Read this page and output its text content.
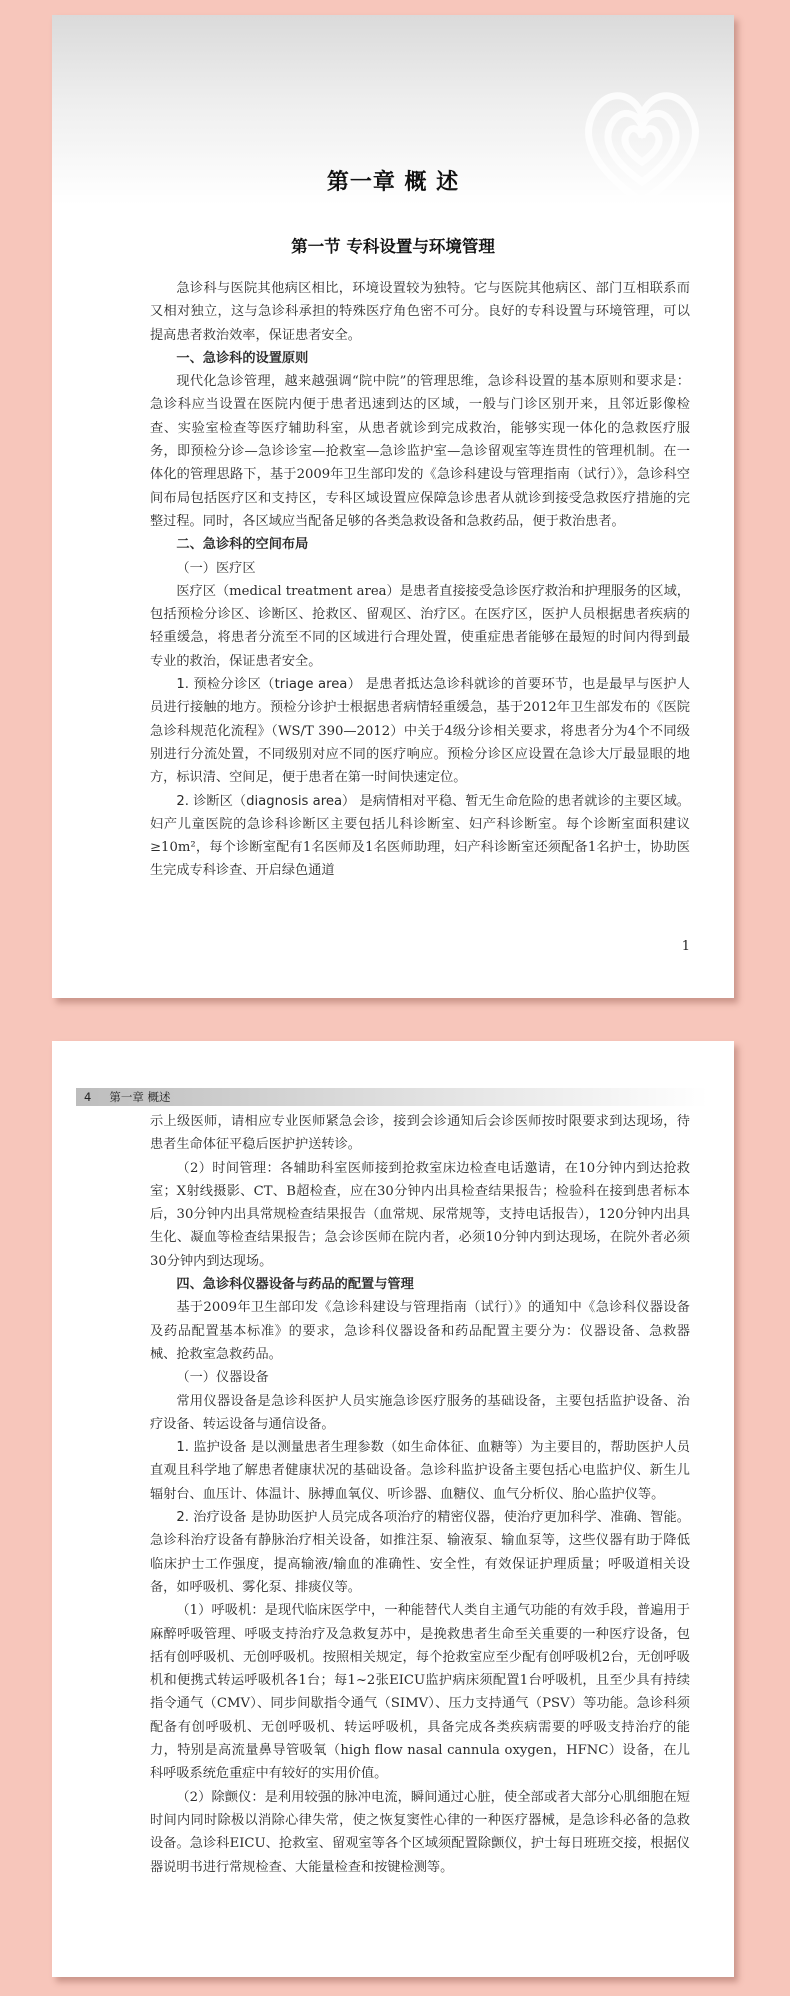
第一章 概 述
第一节 专科设置与环境管理

急诊科与医院其他病区相比，环境设置较为独特。它与医院其他病区、部门互相联系而又相对独立，这与急诊科承担的特殊医疗角色密不可分。良好的专科设置与环境管理，可以提高患者救治效率，保证患者安全。

一、急诊科的设置原则

现代化急诊管理，越来越强调“院中院”的管理思维，急诊科设置的基本原则和要求是：急诊科应当设置在医院内便于患者迅速到达的区域，一般与门诊区别开来，且邻近影像检查、实验室检查等医疗辅助科室，从患者就诊到完成救治，能够实现一体化的急救医疗服务，即预检分诊—急诊诊室—抢救室—急诊监护室—急诊留观室等连贯性的管理机制。在一体化的管理思路下，基于2009年卫生部印发的《急诊科建设与管理指南（试行）》，急诊科空间布局包括医疗区和支持区，专科区域设置应保障急诊患者从就诊到接受急救医疗措施的完整过程。同时，各区域应当配备足够的各类急救设备和急救药品，便于救治患者。

二、急诊科的空间布局

（一）医疗区

医疗区（medical treatment area）是患者直接接受急诊医疗救治和护理服务的区域，包括预检分诊区、诊断区、抢救区、留观区、治疗区。在医疗区，医护人员根据患者疾病的轻重缓急，将患者分流至不同的区域进行合理处置，使重症患者能够在最短的时间内得到最专业的救治，保证患者安全。

1. 预检分诊区（triage area） 是患者抵达急诊科就诊的首要环节，也是最早与医护人员进行接触的地方。预检分诊护士根据患者病情轻重缓急，基于2012年卫生部发布的《医院急诊科规范化流程》（WS/T 390—2012）中关于4级分诊相关要求，将患者分为4个不同级别进行分流处置，不同级别对应不同的医疗响应。预检分诊区应设置在急诊大厅最显眼的地方，标识清、空间足，便于患者在第一时间快速定位。

2. 诊断区（diagnosis area） 是病情相对平稳、暂无生命危险的患者就诊的主要区域。妇产儿童医院的急诊科诊断区主要包括儿科诊断室、妇产科诊断室。每个诊断室面积建议≥10m²，每个诊断室配有1名医师及1名医师助理，妇产科诊断室还须配备1名护士，协助医生完成专科诊查、开启绿色通道

1
4 第一章 概述

示上级医师，请相应专业医师紧急会诊，接到会诊通知后会诊医师按时限要求到达现场，待患者生命体征平稳后医护护送转诊。

（2）时间管理：各辅助科室医师接到抢救室床边检查电话邀请，在10分钟内到达抢救室；X射线摄影、CT、B超检查，应在30分钟内出具检查结果报告；检验科在接到患者标本后，30分钟内出具常规检查结果报告（血常规、尿常规等，支持电话报告），120分钟内出具生化、凝血等检查结果报告；急会诊医师在院内者，必须10分钟内到达现场，在院外者必须30分钟内到达现场。

四、急诊科仪器设备与药品的配置与管理

基于2009年卫生部印发《急诊科建设与管理指南（试行）》的通知中《急诊科仪器设备及药品配置基本标准》的要求，急诊科仪器设备和药品配置主要分为：仪器设备、急救器械、抢救室急救药品。

（一）仪器设备

常用仪器设备是急诊科医护人员实施急诊医疗服务的基础设备，主要包括监护设备、治疗设备、转运设备与通信设备。

1. 监护设备 是以测量患者生理参数（如生命体征、血糖等）为主要目的，帮助医护人员直观且科学地了解患者健康状况的基础设备。急诊科监护设备主要包括心电监护仪、新生儿辐射台、血压计、体温计、脉搏血氧仪、听诊器、血糖仪、血气分析仪、胎心监护仪等。

2. 治疗设备 是协助医护人员完成各项治疗的精密仪器，使治疗更加科学、准确、智能。急诊科治疗设备有静脉治疗相关设备，如推注泵、输液泵、输血泵等，这些仪器有助于降低临床护士工作强度，提高输液/输血的准确性、安全性，有效保证护理质量；呼吸道相关设备，如呼吸机、雾化泵、排痰仪等。

（1）呼吸机：是现代临床医学中，一种能替代人类自主通气功能的有效手段，普遍用于麻醉呼吸管理、呼吸支持治疗及急救复苏中，是挽救患者生命至关重要的一种医疗设备，包括有创呼吸机、无创呼吸机。按照相关规定，每个抢救室应至少配有创呼吸机2台，无创呼吸机和便携式转运呼吸机各1台；每1~2张EICU监护病床须配置1台呼吸机，且至少具有持续指令通气（CMV）、同步间歇指令通气（SIMV）、压力支持通气（PSV）等功能。急诊科须配备有创呼吸机、无创呼吸机、转运呼吸机，具备完成各类疾病需要的呼吸支持治疗的能力，特别是高流量鼻导管吸氧（high flow nasal cannula oxygen，HFNC）设备，在儿科呼吸系统危重症中有较好的实用价值。

（2）除颤仪：是利用较强的脉冲电流，瞬间通过心脏，使全部或者大部分心肌细胞在短时间内同时除极以消除心律失常，使之恢复窦性心律的一种医疗器械，是急诊科必备的急救设备。急诊科EICU、抢救室、留观室等各个区域须配置除颤仪，护士每日班班交接，根据仪器说明书进行常规检查、大能量检查和按键检测等。
